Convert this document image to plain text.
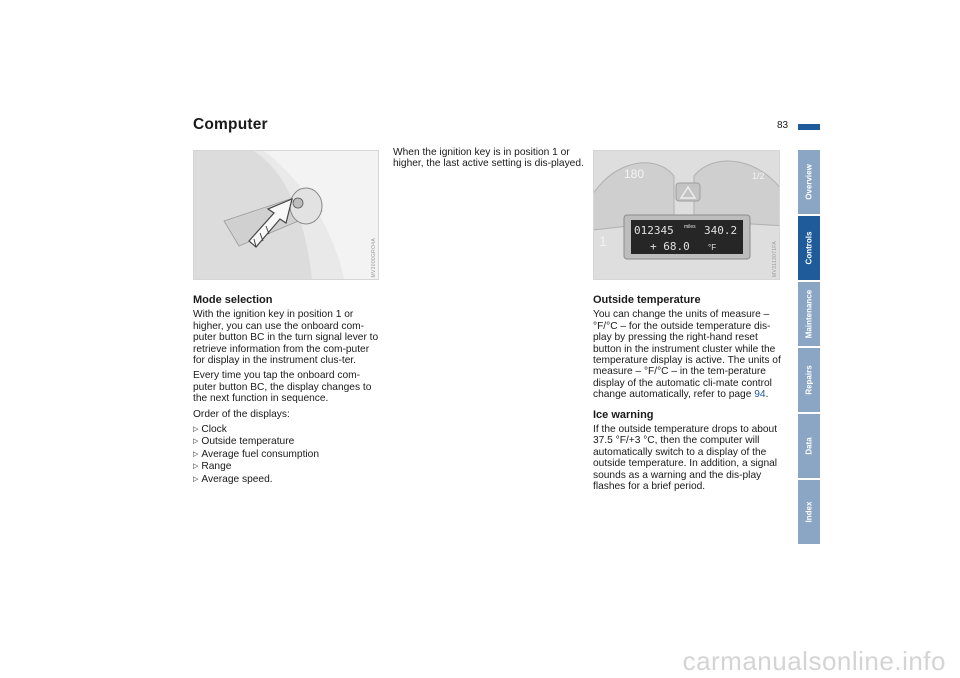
Computer	83
MV3000GRO4A
180	1/2
012345 miles 340.2
+ 68.0 °F
1	MV3113071FA
Mode selection

With the ignition key in position 1 or higher, you can use the onboard com-puter button BC in the turn signal lever to retrieve information from the com-puter for display in the instrument clus-ter.

Every time you tap the onboard com-puter button BC, the display changes to the next function in sequence.

Order of the displays:

▷ Clock
▷ Outside temperature
▷ Average fuel consumption
▷ Range
▷ Average speed.

When the ignition key is in position 1 or higher, the last active setting is dis-played.

Outside temperature

You can change the units of measure – °F/°C – for the outside temperature dis-play by pressing the right-hand reset button in the instrument cluster while the temperature display is active. The units of measure – °F/°C – in the tem-perature display of the automatic cli-mate control change automatically, refer to page 94.

Ice warning

If the outside temperature drops to about 37.5 °F/+3 °C, then the computer will automatically switch to a display of the outside temperature. In addition, a signal sounds as a warning and the dis-play flashes for a brief period.

Overview
Controls
Maintenance
Repairs
Data
Index
carmanualsonline.info
